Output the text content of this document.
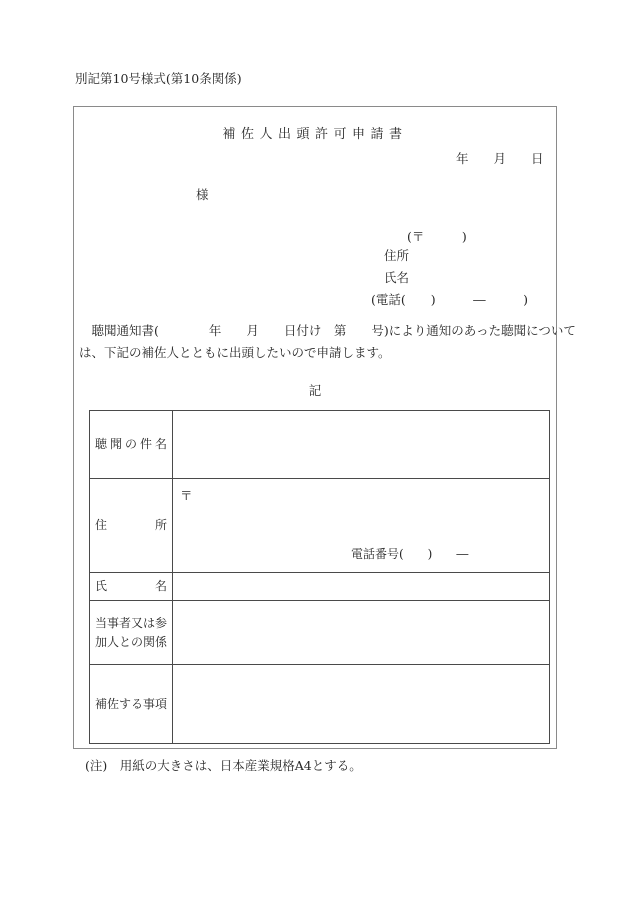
別記第10号様式(第10条関係)
補佐人出頭許可申請書
年　　月　　日
様
(〒　　　)
住所
氏名
(電話(　　)　　　―　　　)
　聴聞通知書(　　　　年　　月　　日付け　第　　号)により通知のあった聴聞について
は、下記の補佐人とともに出頭したいので申請します。
記
聴聞の件名
住所
〒
電話番号(　　)　　―
氏名
当事者又は参加人との関係
補佐する事項
(注)　用紙の大きさは、日本産業規格A4とする。
